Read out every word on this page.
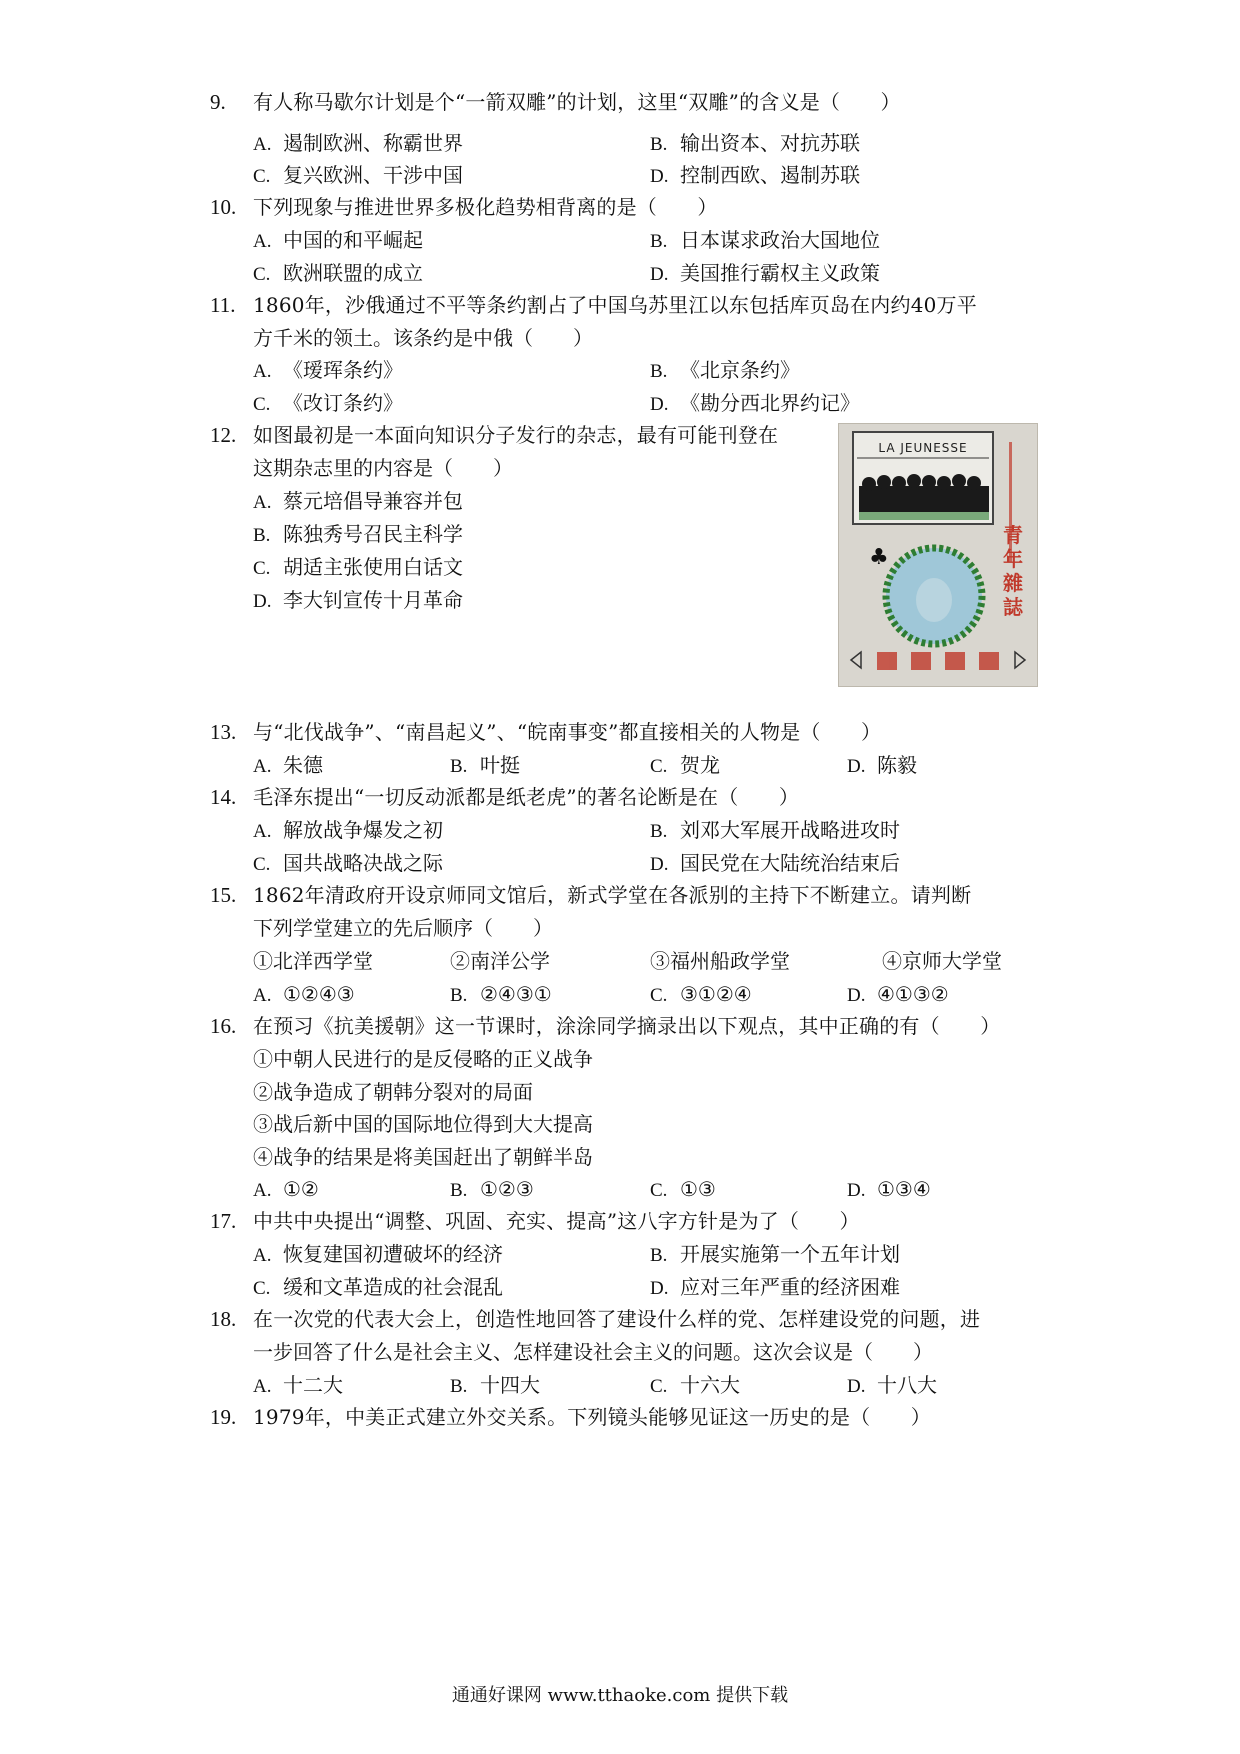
9.	有人称马歇尔计划是个“一箭双雕”的计划，这里“双雕”的含义是（　　）
A. 遏制欧洲、称霸世界	B. 输出资本、对抗苏联
C. 复兴欧洲、干涉中国	D. 控制西欧、遏制苏联
10. 下列现象与推进世界多极化趋势相背离的是（　　）
A. 中国的和平崛起	B. 日本谋求政治大国地位
C. 欧洲联盟的成立	D. 美国推行霸权主义政策
11. 1860年，沙俄通过不平等条约割占了中国乌苏里江以东包括库页岛在内约40万平
方千米的领土。该条约是中俄（　　）
A. 《瑷珲条约》	B. 《北京条约》
C. 《改订条约》	D. 《勘分西北界约记》
12. 如图最初是一本面向知识分子发行的杂志，最有可能刊登在
这期杂志里的内容是（　　）
A. 蔡元培倡导兼容并包
B. 陈独秀号召民主科学
C. 胡适主张使用白话文
D. 李大钊宣传十月革命
LA JEUNESSE
♣
青
年
雜
誌
13. 与“北伐战争”、“南昌起义”、“皖南事变”都直接相关的人物是（　　）
A. 朱德	B. 叶挺	C. 贺龙	D. 陈毅
14. 毛泽东提出“一切反动派都是纸老虎”的著名论断是在（　　）
A. 解放战争爆发之初	B. 刘邓大军展开战略进攻时
C. 国共战略决战之际	D. 国民党在大陆统治结束后
15. 1862年清政府开设京师同文馆后，新式学堂在各派别的主持下不断建立。请判断
下列学堂建立的先后顺序（　　）
①北洋西学堂	②南洋公学	③福州船政学堂	④京师大学堂
A. ①②④③	B. ②④③①	C. ③①②④	D. ④①③②
16. 在预习《抗美援朝》这一节课时，涂涂同学摘录出以下观点，其中正确的有（　　）
①中朝人民进行的是反侵略的正义战争
②战争造成了朝韩分裂对的局面
③战后新中国的国际地位得到大大提高
④战争的结果是将美国赶出了朝鲜半岛
A. ①②	B. ①②③	C. ①③	D. ①③④
17. 中共中央提出“调整、巩固、充实、提高”这八字方针是为了（　　）
A. 恢复建国初遭破坏的经济	B. 开展实施第一个五年计划
C. 缓和文革造成的社会混乱	D. 应对三年严重的经济困难
18. 在一次党的代表大会上，创造性地回答了建设什么样的党、怎样建设党的问题，进
一步回答了什么是社会主义、怎样建设社会主义的问题。这次会议是（　　）
A. 十二大	B. 十四大	C. 十六大	D. 十八大
19. 1979年，中美正式建立外交关系。下列镜头能够见证这一历史的是（　　）
通通好课网 www.tthaoke.com 提供下载
